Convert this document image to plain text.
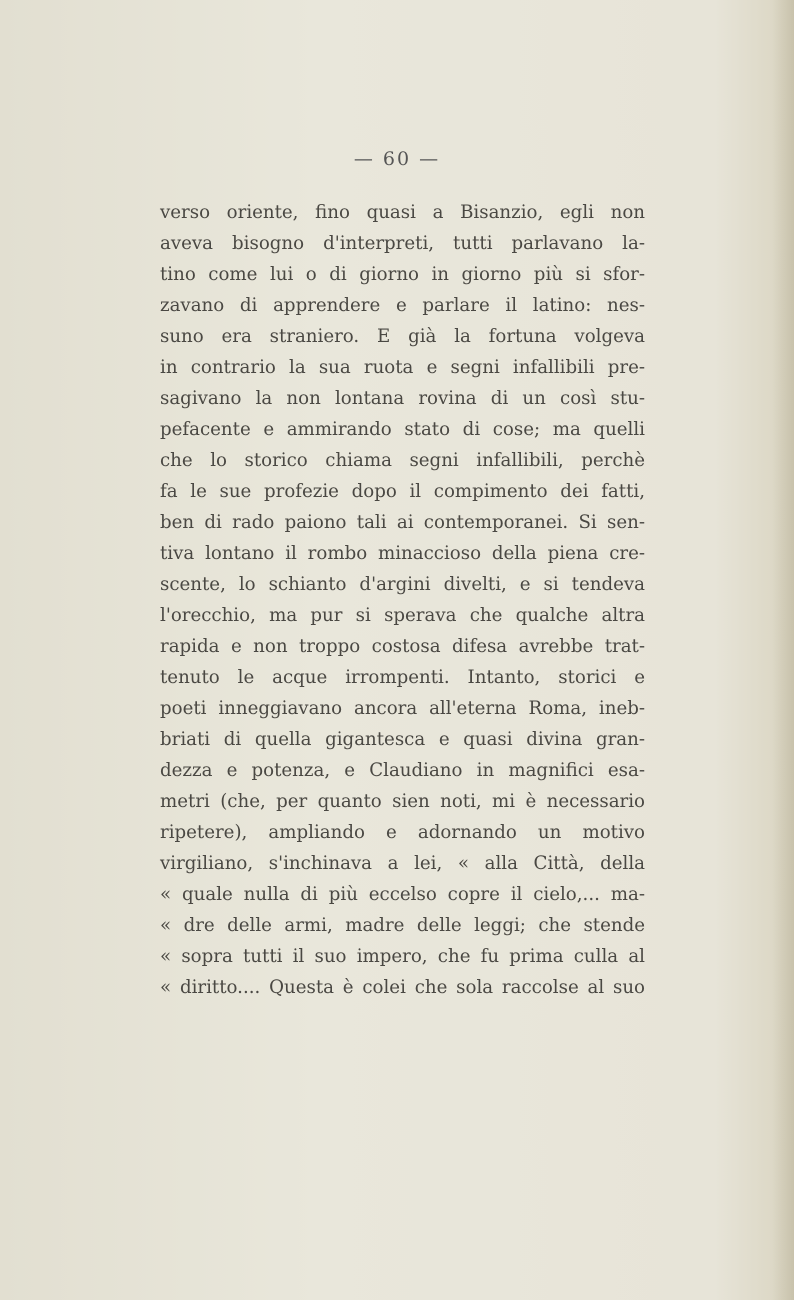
— 60 —
verso oriente, fino quasi a Bisanzio, egli non
aveva bisogno d'interpreti, tutti parlavano la-
tino come lui o di giorno in giorno più si sfor-
zavano di apprendere e parlare il latino: nes-
suno era straniero. E già la fortuna volgeva
in contrario la sua ruota e segni infallibili pre-
sagivano la non lontana rovina di un così stu-
pefacente e ammirando stato di cose; ma quelli
che lo storico chiama segni infallibili, perchè
fa le sue profezie dopo il compimento dei fatti,
ben di rado paiono tali ai contemporanei. Si sen-
tiva lontano il rombo minaccioso della piena cre-
scente, lo schianto d'argini divelti, e si tendeva
l'orecchio, ma pur si sperava che qualche altra
rapida e non troppo costosa difesa avrebbe trat-
tenuto le acque irrompenti. Intanto, storici e
poeti inneggiavano ancora all'eterna Roma, ineb-
briati di quella gigantesca e quasi divina gran-
dezza e potenza, e Claudiano in magnifici esa-
metri (che, per quanto sien noti, mi è necessario
ripetere), ampliando e adornando un motivo
virgiliano, s'inchinava a lei, « alla Città, della
« quale nulla di più eccelso copre il cielo,... ma-
« dre delle armi, madre delle leggi; che stende
« sopra tutti il suo impero, che fu prima culla al
« diritto.... Questa è colei che sola raccolse al suo
